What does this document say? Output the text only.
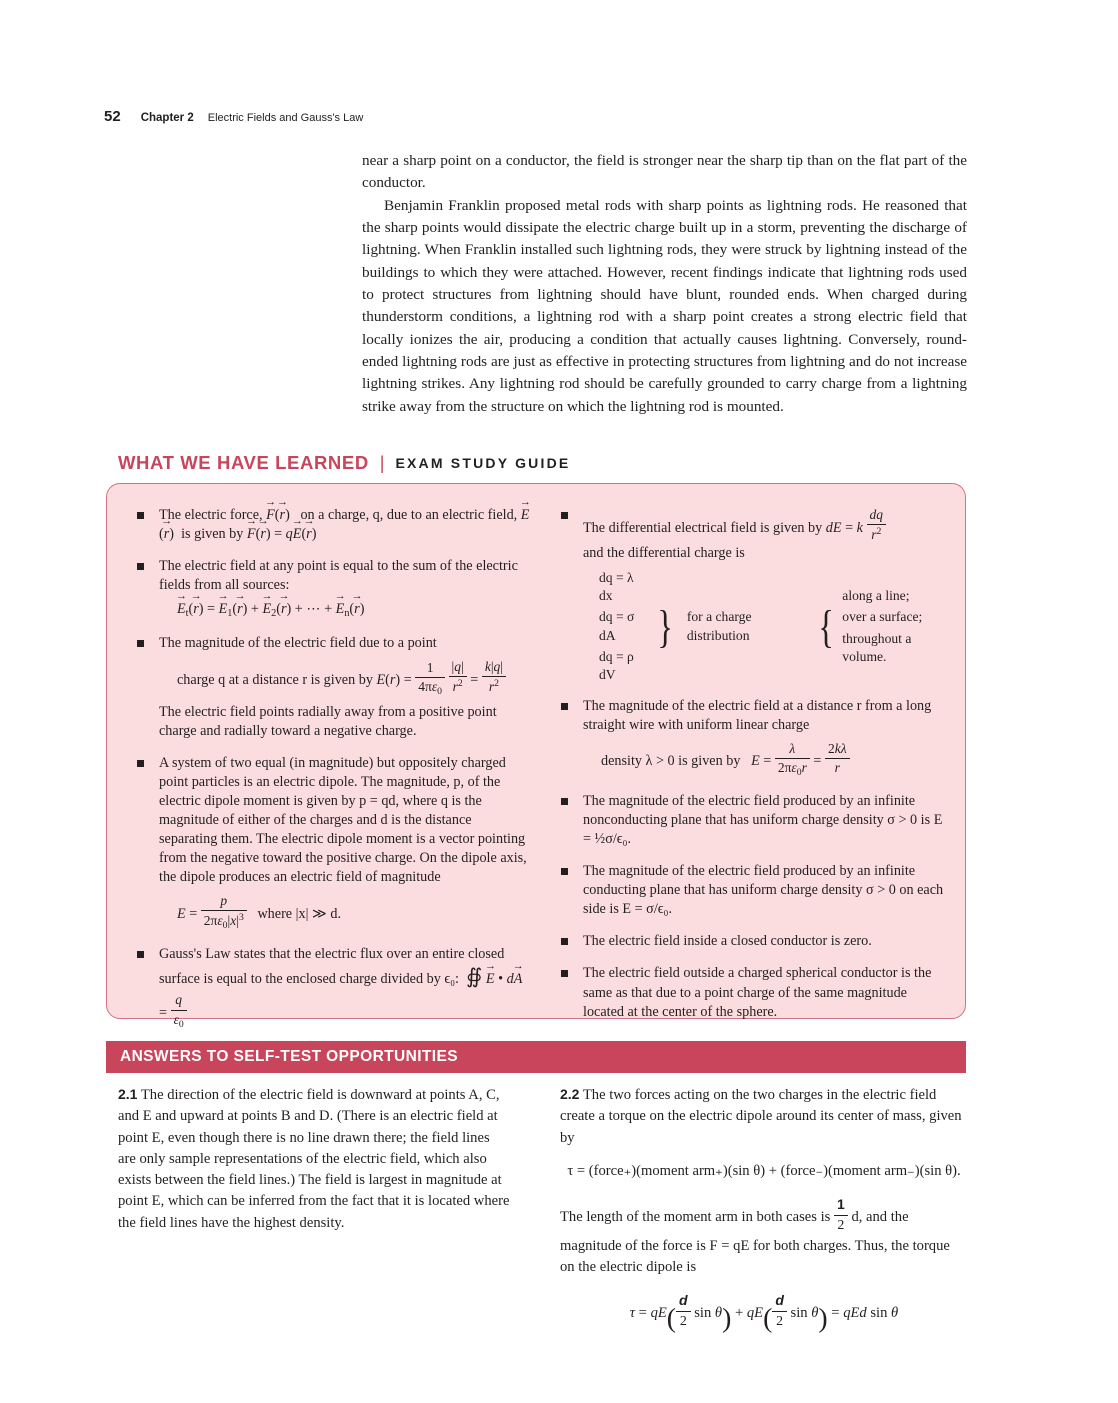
52 Chapter 2 Electric Fields and Gauss's Law

near a sharp point on a conductor, the field is stronger near the sharp tip than on the flat part of the conductor.

Benjamin Franklin proposed metal rods with sharp points as lightning rods. He reasoned that the sharp points would dissipate the electric charge built up in a storm, preventing the discharge of lightning. When Franklin installed such lightning rods, they were struck by lightning instead of the buildings to which they were attached. However, recent findings indicate that lightning rods used to protect structures from lightning should have blunt, rounded ends. When charged during thunderstorm conditions, a lightning rod with a sharp point creates a strong electric field that locally ionizes the air, producing a condition that actually causes lightning. Conversely, round-ended lightning rods are just as effective in protecting structures from lightning and do not increase lightning strikes. Any lightning rod should be carefully grounded to carry charge from a lightning strike away from the structure on which the lightning rod is mounted.

WHAT WE HAVE LEARNED | EXAM STUDY GUIDE
The electric force, F →(r →)   on a charge, q, due to an electric field, E →(r →)  is given by F →(r →) = qE →(r →)
The electric field at any point is equal to the sum of the electric fields from all sources:
$E \to_t(r$ →) = $E \to_1(r$ →) + $E \to_2(r$ →) + ⋯ + $E \to_n(r$ →)
The magnitude of the electric field due to a point
charge q at a distance r is given by $E(r) = \frac{1}{4\pi\varepsilon_0}$
$\frac{|q|}{r^2} = \frac{k|q|}{r^2}$
The electric field points radially away from a positive point charge and radially toward a negative charge.
A system of two equal (in magnitude) but oppositely charged point particles is an electric dipole. The magnitude, p, of the electric dipole moment is given by p = qd, where q is the magnitude of either of the charges and d is the distance separating them. The electric dipole moment is a vector pointing from the negative toward the positive charge. On the dipole axis, the dipole produces an electric field of magnitude
$E = \frac{p}{2\pi\varepsilon_0|x|^3}$ where |x| ≫ d.
Gauss's Law states that the electric flux over an entire closed surface is equal to the enclosed charge divided by ϵ₀: ∯ E → • dA → = $\frac{q}{\varepsilon_0}$
The differential electrical field is given by dE = k $\frac{dq}{r^2}$

and the differential charge is
dq = λ dx
dq = σ dA
dq = ρ dV
}	for a charge distribution	{
along a line;
over a surface;
throughout a volume.
The magnitude of the electric field at a distance r from a long straight wire with uniform linear charge
density λ > 0 is given by $E = \frac{\lambda}{2\pi\varepsilon_0r} = \frac{2k\lambda}{r}$
The magnitude of the electric field produced by an infinite nonconducting plane that has uniform charge density σ > 0 is E = ½σ/ϵ₀.
The magnitude of the electric field produced by an infinite conducting plane that has uniform charge density σ > 0 on each side is E = σ/ϵ₀.
The electric field inside a closed conductor is zero.
The electric field outside a charged spherical conductor is the same as that due to a point charge of the same magnitude located at the center of the sphere.
ANSWERS TO SELF-TEST OPPORTUNITIES

2.1 The direction of the electric field is downward at points A, C, and E and upward at points B and D. (There is an electric field at point E, even though there is no line drawn there; the field lines are only sample representations of the electric field, which also exists between the field lines.) The field is largest in magnitude at point E, which can be inferred from the fact that it is located where the field lines have the highest density.

2.2 The two forces acting on the two charges in the electric field create a torque on the electric dipole around its center of mass, given by

τ = (force₊)(moment arm₊)(sin θ) + (force₋)(moment arm₋)(sin θ).

The length of the moment arm in both cases is $\frac{1}{2} d$, and the magnitude of the force is F = qE for both charges. Thus, the torque on the electric dipole is

$\tau = qE( \frac{d}{2}$ $\sin \theta) + qE( \frac{d}{2}$ sin θ) = qEd sin θ
